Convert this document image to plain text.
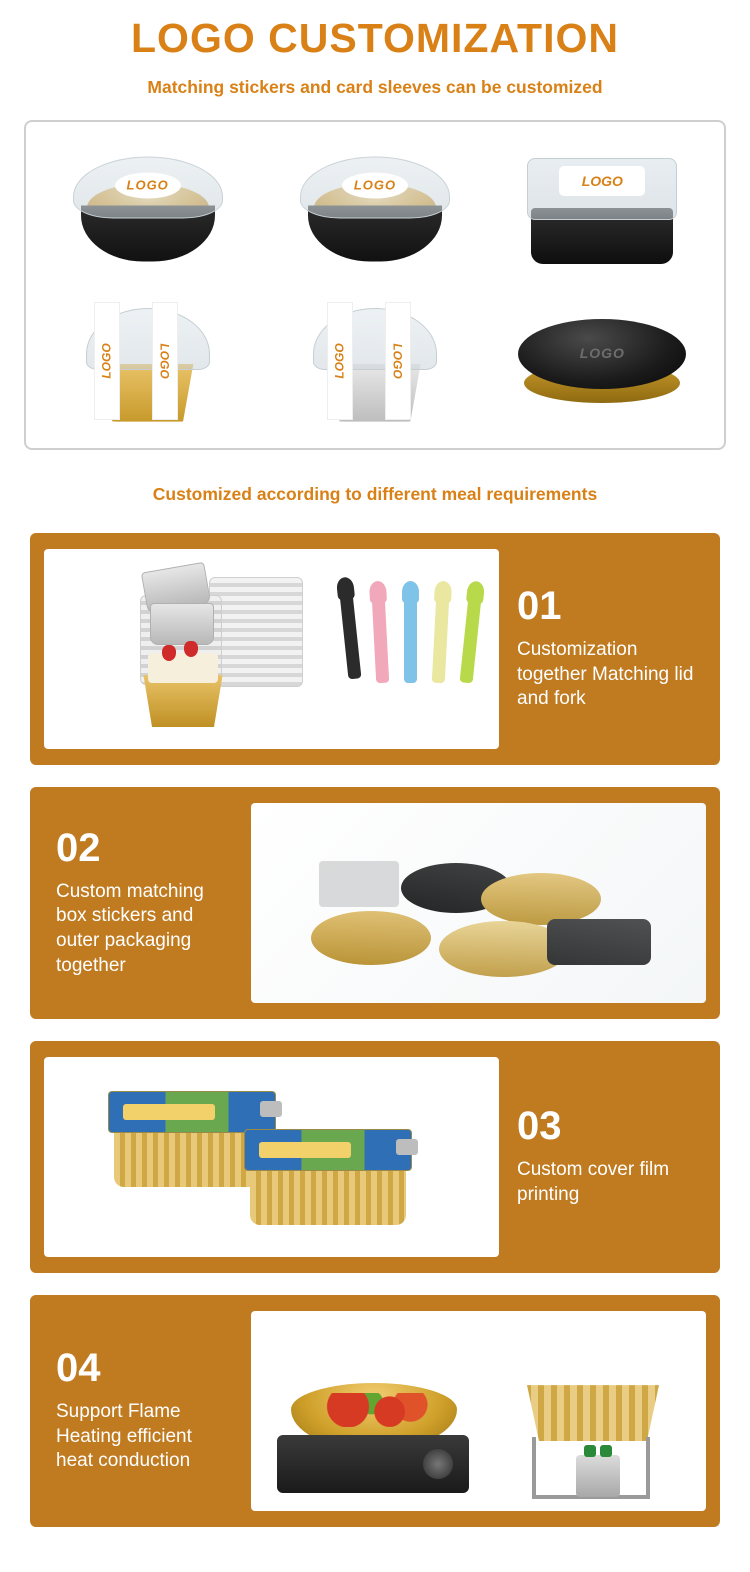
LOGO CUSTOMIZATION
Matching stickers and card sleeves can be customized
LOGO	LOGO	LOGO
LOGO	LOGO	LOGO	LOGO	LOGO
Customized according to different meal requirements
01
Customization together Matching lid and fork
02
Custom matching box stickers and outer packaging together
03
Custom cover film printing
04
Support Flame Heating efficient heat conduction
